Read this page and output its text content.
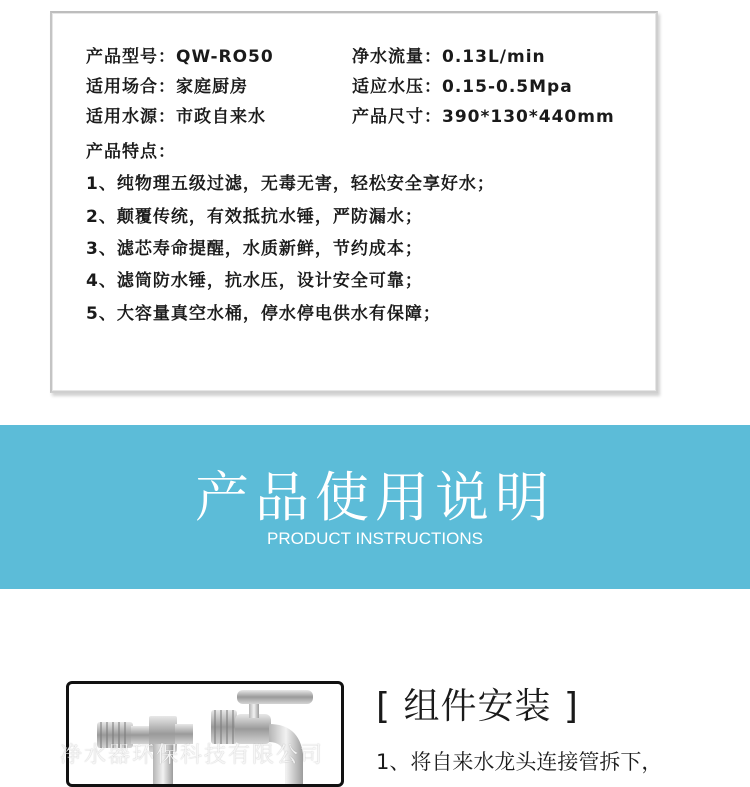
产品型号：QW-RO50	净水流量：0.13L/min
适用场合：家庭厨房	适应水压：0.15-0.5Mpa
适用水源：市政自来水	产品尺寸：390*130*440mm
产品特点：
1、纯物理五级过滤，无毒无害，轻松安全享好水；
2、颠覆传统，有效抵抗水锤，严防漏水；
3、滤芯寿命提醒，水质新鲜，节约成本；
4、滤筒防水锤，抗水压，设计安全可靠；
5、大容量真空水桶，停水停电供水有保障；
产品使用说明
PRODUCT INSTRUCTIONS
[ 组件安装 ]
1、将自来水龙头连接管拆下，
净水器环保科技有限公司
